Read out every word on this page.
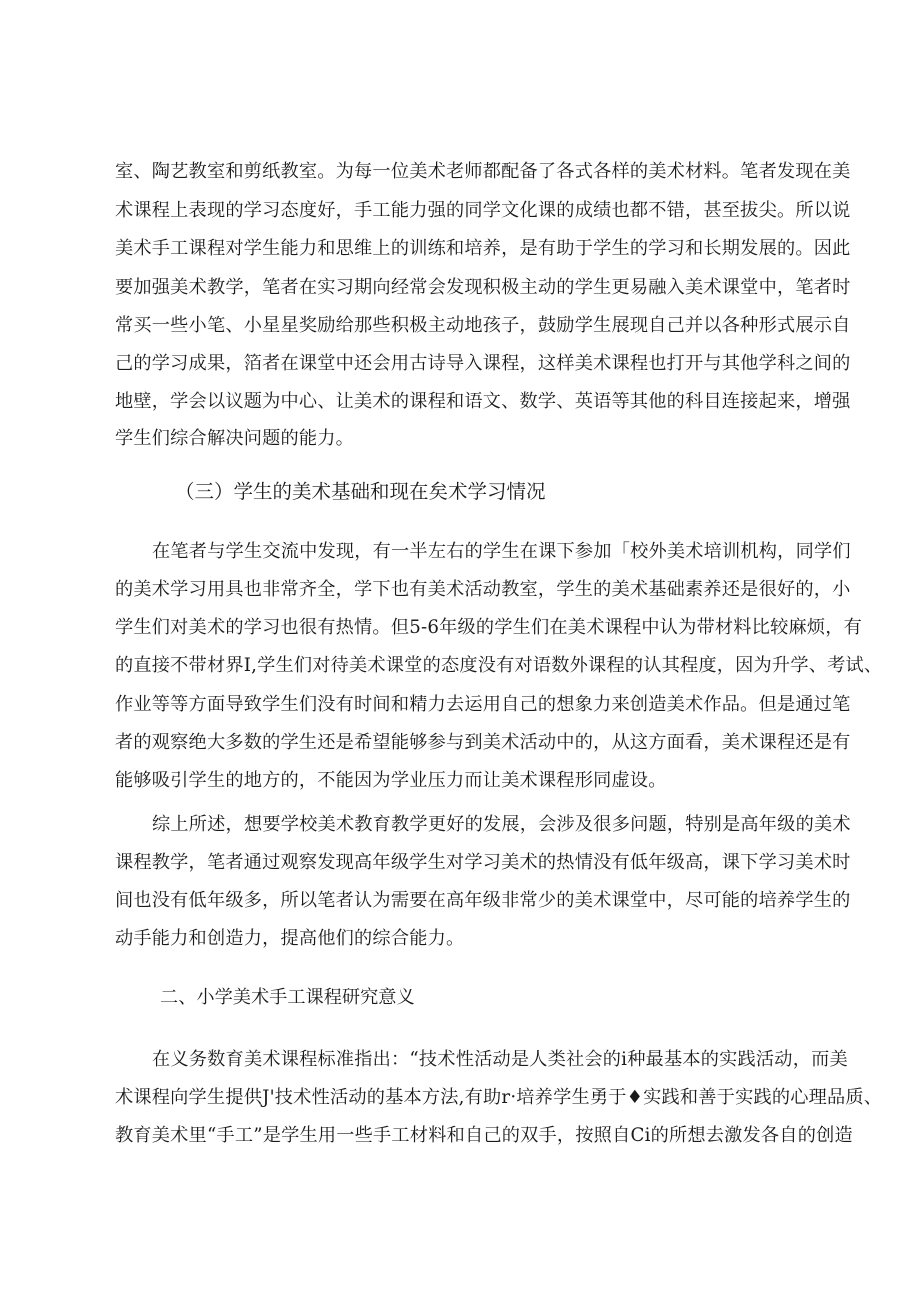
室、陶艺教室和剪纸教室。为每一位美术老师都配备了各式各样的美术材料。笔者发现在美
术课程上表现的学习态度好，手工能力强的同学文化课的成绩也都不错，甚至拔尖。所以说
美术手工课程对学生能力和思维上的训练和培养，是有助于学生的学习和长期发展的。因此
要加强美术教学，笔者在实习期向经常会发现积极主动的学生更易融入美术课堂中，笔者时
常买一些小笔、小星星奖励给那些积极主动地孩子，鼓励学生展现自己并以各种形式展示自
己的学习成果，箔者在课堂中还会用古诗导入课程，这样美术课程也打开与其他学科之间的
地壁，学会以议题为中心、让美术的课程和语文、数学、英语等其他的科目连接起来，增强
学生们综合解决问题的能力。
（三）学生的美术基础和现在矣术学习情况
在笔者与学生交流中发现，有一半左右的学生在课下参加「校外美术培训机构，同学们
的美术学习用具也非常齐全，学下也有美术活动教室，学生的美术基础素养还是很好的，小
学生们对美术的学习也很有热情。但5-6年级的学生们在美术课程中认为带材料比较麻烦，有
的直接不带材界I,学生们对待美术课堂的态度没有对语数外课程的认其程度，因为升学、考试、
作业等等方面导致学生们没有时间和精力去运用自己的想象力来创造美术作品。但是通过笔
者的观察绝大多数的学生还是希望能够参与到美术活动中的，从这方面看，美术课程还是有
能够吸引学生的地方的，不能因为学业压力而让美术课程形同虚设。
综上所述，想要学校美术教育教学更好的发展，会涉及很多问题，特别是高年级的美术
课程教学，笔者通过观察发现高年级学生对学习美术的热情没有低年级高，课下学习美术时
间也没有低年级多，所以笔者认为需要在高年级非常少的美术课堂中，尽可能的培养学生的
动手能力和创造力，提高他们的综合能力。
二、小学美术手工课程研究意义
在义务数育美术课程标准指出：“技术性活动是人类社会的i种最基本的实践活动，而美
术课程向学生提供J'技术性活动的基本方法,有助r·培养学生勇于♦实践和善于实践的心理品质、
教育美术里“手工”是学生用一些手工材料和自己的双手，按照自Ci的所想去激发各自的创造
